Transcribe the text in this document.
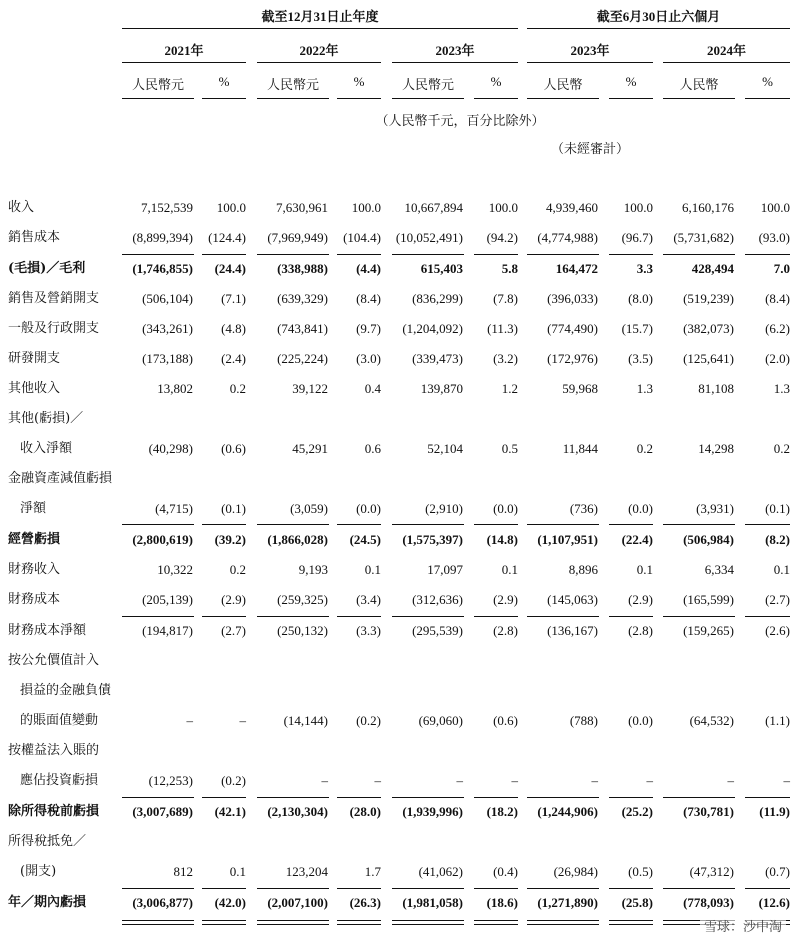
截至12月31日止年度	截至6月30日止六個月
2021年	2022年	2023年	2023年	2024年
人民幣元	%	人民幣元	%	人民幣元	%	人民幣	%	人民幣	%
（人民幣千元，百分比除外）
（未經審計）
收入	7,152,539	100.0	7,630,961	100.0	10,667,894	100.0	4,939,460	100.0	6,160,176	100.0
銷售成本	(8,899,394)	(124.4)	(7,969,949)	(104.4)	(10,052,491)	(94.2)	(4,774,988)	(96.7)	(5,731,682)	(93.0)
(毛損)／毛利	(1,746,855)	(24.4)	(338,988)	(4.4)	615,403	5.8	164,472	3.3	428,494	7.0
銷售及營銷開支	(506,104)	(7.1)	(639,329)	(8.4)	(836,299)	(7.8)	(396,033)	(8.0)	(519,239)	(8.4)
一般及行政開支	(343,261)	(4.8)	(743,841)	(9.7)	(1,204,092)	(11.3)	(774,490)	(15.7)	(382,073)	(6.2)
研發開支	(173,188)	(2.4)	(225,224)	(3.0)	(339,473)	(3.2)	(172,976)	(3.5)	(125,641)	(2.0)
其他收入	13,802	0.2	39,122	0.4	139,870	1.2	59,968	1.3	81,108	1.3
其他(虧損)／
收入淨額	(40,298)	(0.6)	45,291	0.6	52,104	0.5	11,844	0.2	14,298	0.2
金融資產減值虧損
淨額	(4,715)	(0.1)	(3,059)	(0.0)	(2,910)	(0.0)	(736)	(0.0)	(3,931)	(0.1)
經營虧損	(2,800,619)	(39.2)	(1,866,028)	(24.5)	(1,575,397)	(14.8)	(1,107,951)	(22.4)	(506,984)	(8.2)
財務收入	10,322	0.2	9,193	0.1	17,097	0.1	8,896	0.1	6,334	0.1
財務成本	(205,139)	(2.9)	(259,325)	(3.4)	(312,636)	(2.9)	(145,063)	(2.9)	(165,599)	(2.7)
財務成本淨額	(194,817)	(2.7)	(250,132)	(3.3)	(295,539)	(2.8)	(136,167)	(2.8)	(159,265)	(2.6)
按公允價值計入
損益的金融負債
的賬面值變動	–	–	(14,144)	(0.2)	(69,060)	(0.6)	(788)	(0.0)	(64,532)	(1.1)
按權益法入賬的
應佔投資虧損	(12,253)	(0.2)	–	–	–	–	–	–	–	–
除所得稅前虧損	(3,007,689)	(42.1)	(2,130,304)	(28.0)	(1,939,996)	(18.2)	(1,244,906)	(25.2)	(730,781)	(11.9)
所得稅抵免／
(開支)	812	0.1	123,204	1.7	(41,062)	(0.4)	(26,984)	(0.5)	(47,312)	(0.7)
年／期內虧損	(3,006,877)	(42.0)	(2,007,100)	(26.3)	(1,981,058)	(18.6)	(1,271,890)	(25.8)	(778,093)	(12.6)
雪球：沙中淘
